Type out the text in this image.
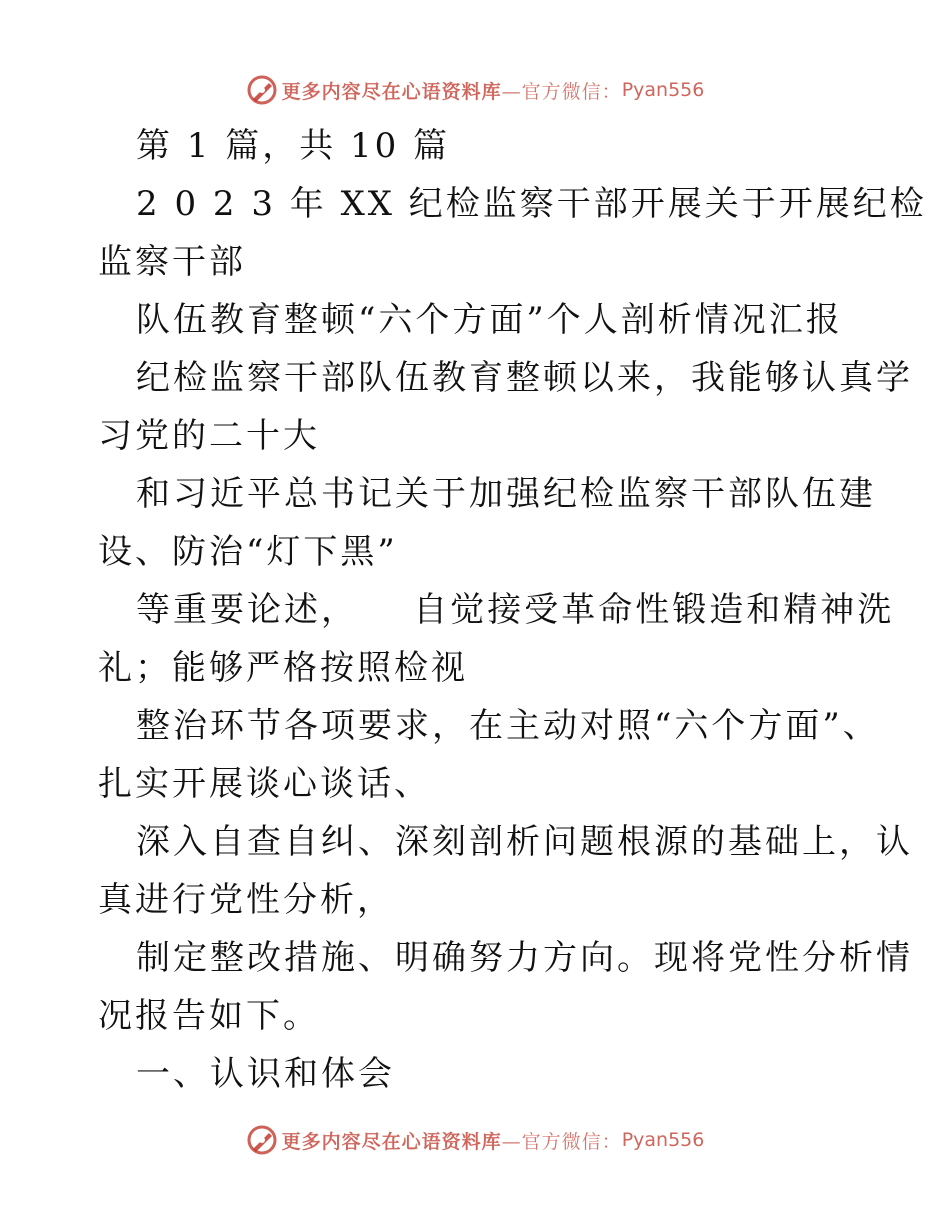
更多内容尽在心语资料库 —官方微信： Pyan556
第 1 篇，共 10 篇
2 0 2 3 年 XX 纪检监察干部开展关于开展纪检
监察干部
队伍教育整顿“六个方面”个人剖析情况汇报
纪检监察干部队伍教育整顿以来，我能够认真学
习党的二十大
和习近平总书记关于加强纪检监察干部队伍建
设、防治“灯下黑”
等重要论述，    自觉接受革命性锻造和精神洗
礼；能够严格按照检视
整治环节各项要求，在主动对照“六个方面”、
扎实开展谈心谈话、
深入自查自纠、深刻剖析问题根源的基础上，认
真进行党性分析，
制定整改措施、明确努力方向。现将党性分析情
况报告如下。
一、认识和体会
更多内容尽在心语资料库 —官方微信： Pyan556
